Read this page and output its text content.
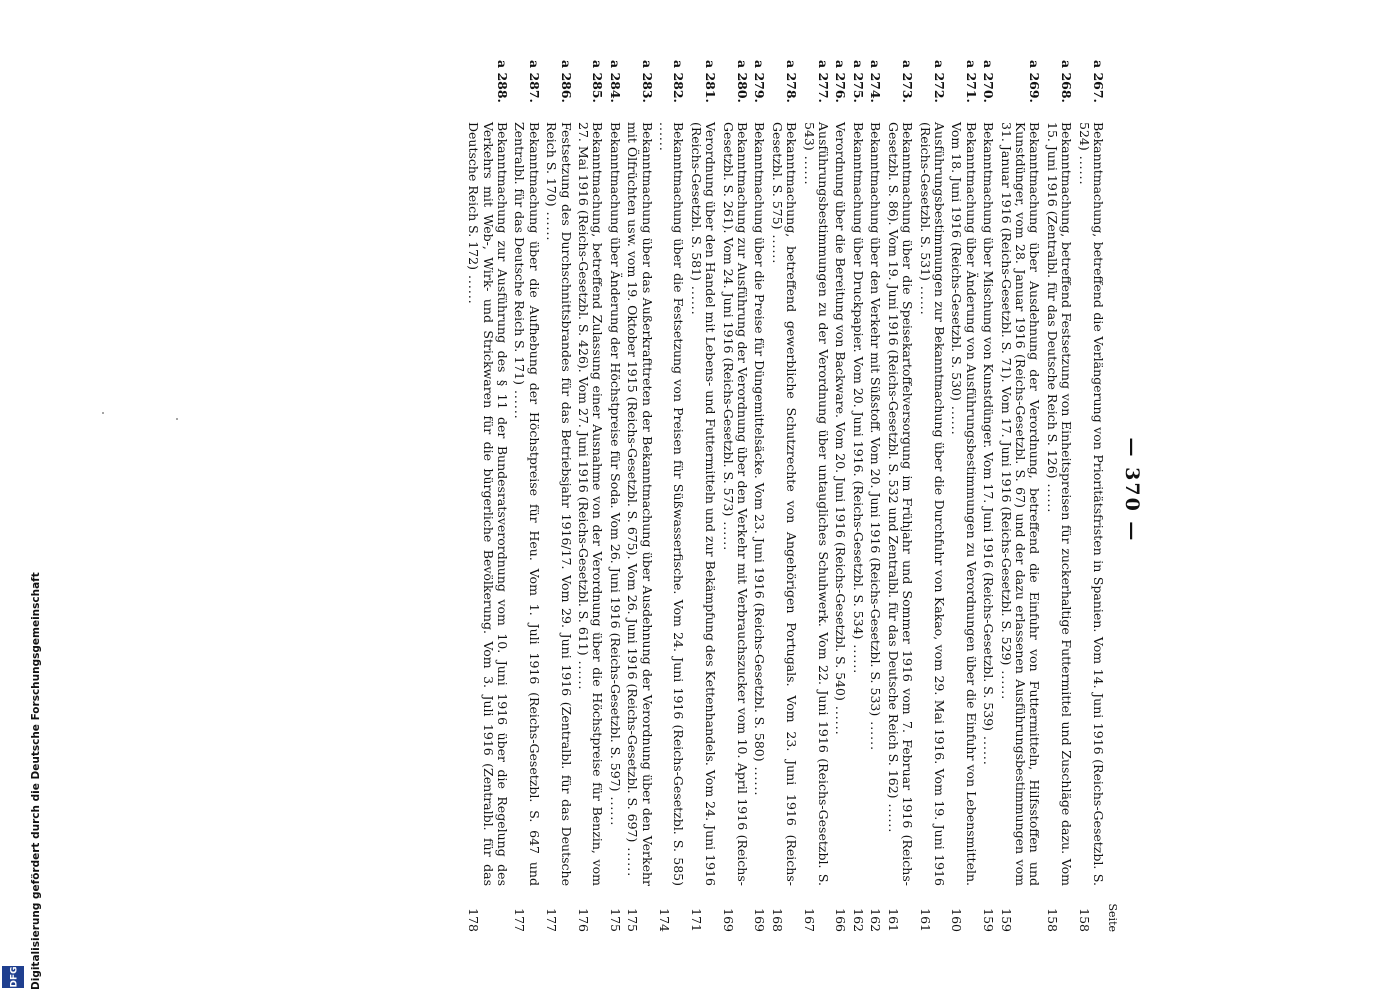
— 370 —
Seite
a 267.
Bekanntmachung, betreffend die Verlängerung von Prioritätsfristen in Spanien. Vom 14. Juni 1916 (Reichs-Gesetzbl. S. 524) ......
158
a 268.
Bekanntmachung, betreffend Festsetzung von Einheitspreisen für zuckerhaltige Futtermittel und Zuschläge dazu. Vom 15. Juni 1916 (Zentralbl. für das Deutsche Reich S. 126) ......
158
a 269.
Bekanntmachung über Ausdehnung der Verordnung, betreffend die Einfuhr von Futtermitteln, Hilfsstoffen und Kunstdünger, vom 28. Januar 1916 (Reichs-Gesetzbl. S. 67) und der dazu erlassenen Ausführungsbestimmungen vom 31. Januar 1916 (Reichs-Gesetzbl. S. 71). Vom 17. Juni 1916 (Reichs-Gesetzbl. S. 529) ......
159
a 270.
Bekanntmachung über Mischung von Kunstdünger. Vom 17. Juni 1916 (Reichs-Gesetzbl. S. 539) ......
159
a 271.
Bekanntmachung über Änderung von Ausführungsbestimmungen zu Verordnungen über die Einfuhr von Lebensmitteln. Vom 18. Juni 1916 (Reichs-Gesetzbl. S. 530) ......
160
a 272.
Ausführungsbestimmungen zur Bekanntmachung über die Durchfuhr von Kakao, vom 29. Mai 1916. Vom 19. Juni 1916 (Reichs-Gesetzbl. S. 531) ......
161
a 273.
Bekanntmachung über die Speisekartoffelversorgung im Frühjahr und Sommer 1916 vom 7. Februar 1916 (Reichs-Gesetzbl. S. 86). Vom 19. Juni 1916 (Reichs-Gesetzbl. S. 532 und Zentralbl. für das Deutsche Reich S. 162) ......
161
a 274.
Bekanntmachung über den Verkehr mit Süßstoff. Vom 20. Juni 1916 (Reichs-Gesetzbl. S. 533) ......
162
a 275.
Bekanntmachung über Druckpapier. Vom 20. Juni 1916. (Reichs-Gesetzbl. S. 534) ......
162
a 276.
Verordnung über die Bereitung von Backware. Vom 20. Juni 1916 (Reichs-Gesetzbl. S. 540) ......
166
a 277.
Ausführungsbestimmungen zu der Verordnung über untaugliches Schuhwerk. Vom 22. Juni 1916 (Reichs-Gesetzbl. S. 543) ......
167
a 278.
Bekanntmachung, betreffend gewerbliche Schutzrechte von Angehörigen Portugals. Vom 23. Juni 1916 (Reichs-Gesetzbl. S. 575) ......
168
a 279.
Bekanntmachung über die Preise für Düngemittelsäcke. Vom 23. Juni 1916 (Reichs-Gesetzbl. S. 580) ......
169
a 280.
Bekanntmachung zur Ausführung der Verordnung über den Verkehr mit Verbrauchszucker vom 10. April 1916 (Reichs-Gesetzbl. S. 261). Vom 24. Juni 1916 (Reichs-Gesetzbl. S. 573) ......
169
a 281.
Verordnung über den Handel mit Lebens- und Futtermitteln und zur Bekämpfung des Kettenhandels. Vom 24. Juni 1916 (Reichs-Gesetzbl. S. 581) ......
171
a 282.
Bekanntmachung über die Festsetzung von Preisen für Süßwasserfische. Vom 24. Juni 1916 (Reichs-Gesetzbl. S. 585) ......
174
a 283.
Bekanntmachung über das Außerkrafttreten der Bekanntmachung über Ausdehnung der Verordnung über den Verkehr mit Ölfrüchten usw. vom 19. Oktober 1915 (Reichs-Gesetzbl. S. 675). Vom 26. Juni 1916 (Reichs-Gesetzbl. S. 697) ......
175
a 284.
Bekanntmachung über Änderung der Höchstpreise für Soda. Vom 26. Juni 1916 (Reichs-Gesetzbl. S. 597) ......
175
a 285.
Bekanntmachung, betreffend Zulassung einer Ausnahme von der Verordnung über die Höchstpreise für Benzin, vom 27. Mai 1916 (Reichs-Gesetzbl. S. 426). Vom 27. Juni 1916 (Reichs-Gesetzbl. S. 611) ......
176
a 286.
Festsetzung des Durchschnittsbrandes für das Betriebsjahr 1916/17. Vom 29. Juni 1916 (Zentralbl. für das Deutsche Reich S. 170) ......
177
a 287.
Bekanntmachung über die Aufhebung der Höchstpreise für Heu. Vom 1. Juli 1916 (Reichs-Gesetzbl. S. 647 und Zentralbl. für das Deutsche Reich S. 171) ......
177
a 288.
Bekanntmachung zur Ausführung des § 11 der Bundesratsverordnung vom 10. Juni 1916 über die Regelung des Verkehrs mit Web-, Wirk- und Strickwaren für die bürgerliche Bevölkerung. Vom 3. Juli 1916 (Zentralbl. für das Deutsche Reich S. 172) ......
178
Digitalisierung gefördert durch die Deutsche Forschungsgemeinschaft
DFG
